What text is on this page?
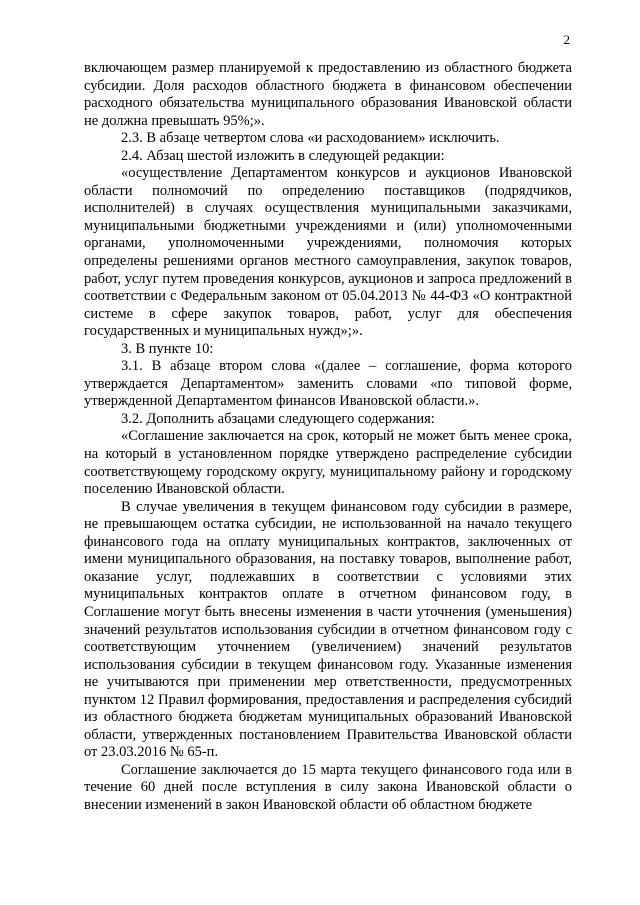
2

включающем размер планируемой к предоставлению из областного бюджета субсидии. Доля расходов областного бюджета в финансовом обеспечении расходного обязательства муниципального образования Ивановской области не должна превышать 95%;».

2.3. В абзаце четвертом слова «и расходованием» исключить.

2.4. Абзац шестой изложить в следующей редакции:

«осуществление Департаментом конкурсов и аукционов Ивановской области полномочий по определению поставщиков (подрядчиков, исполнителей) в случаях осуществления муниципальными заказчиками, муниципальными бюджетными учреждениями и (или) уполномоченными органами, уполномоченными учреждениями, полномочия которых определены решениями органов местного самоуправления, закупок товаров, работ, услуг путем проведения конкурсов, аукционов и запроса предложений в соответствии с Федеральным законом от 05.04.2013 № 44-ФЗ «О контрактной системе в сфере закупок товаров, работ, услуг для обеспечения государственных и муниципальных нужд»;».

3. В пункте 10:

3.1. В абзаце втором слова «(далее – соглашение, форма которого утверждается Департаментом» заменить словами «по типовой форме, утвержденной Департаментом финансов Ивановской области.».

3.2. Дополнить абзацами следующего содержания:

«Соглашение заключается на срок, который не может быть менее срока, на который в установленном порядке утверждено распределение субсидии соответствующему городскому округу, муниципальному району и городскому поселению Ивановской области.

В случае увеличения в текущем финансовом году субсидии в размере, не превышающем остатка субсидии, не использованной на начало текущего финансового года на оплату муниципальных контрактов, заключенных от имени муниципального образования, на поставку товаров, выполнение работ, оказание услуг, подлежавших в соответствии с условиями этих муниципальных контрактов оплате в отчетном финансовом году, в Соглашение могут быть внесены изменения в части уточнения (уменьшения) значений результатов использования субсидии в отчетном финансовом году с соответствующим уточнением (увеличением) значений результатов использования субсидии в текущем финансовом году. Указанные изменения не учитываются при применении мер ответственности, предусмотренных пунктом 12 Правил формирования, предоставления и распределения субсидий из областного бюджета бюджетам муниципальных образований Ивановской области, утвержденных постановлением Правительства Ивановской области от 23.03.2016 № 65-п.

Соглашение заключается до 15 марта текущего финансового года или в течение 60 дней после вступления в силу закона Ивановской области о внесении изменений в закон Ивановской области об областном бюджете
